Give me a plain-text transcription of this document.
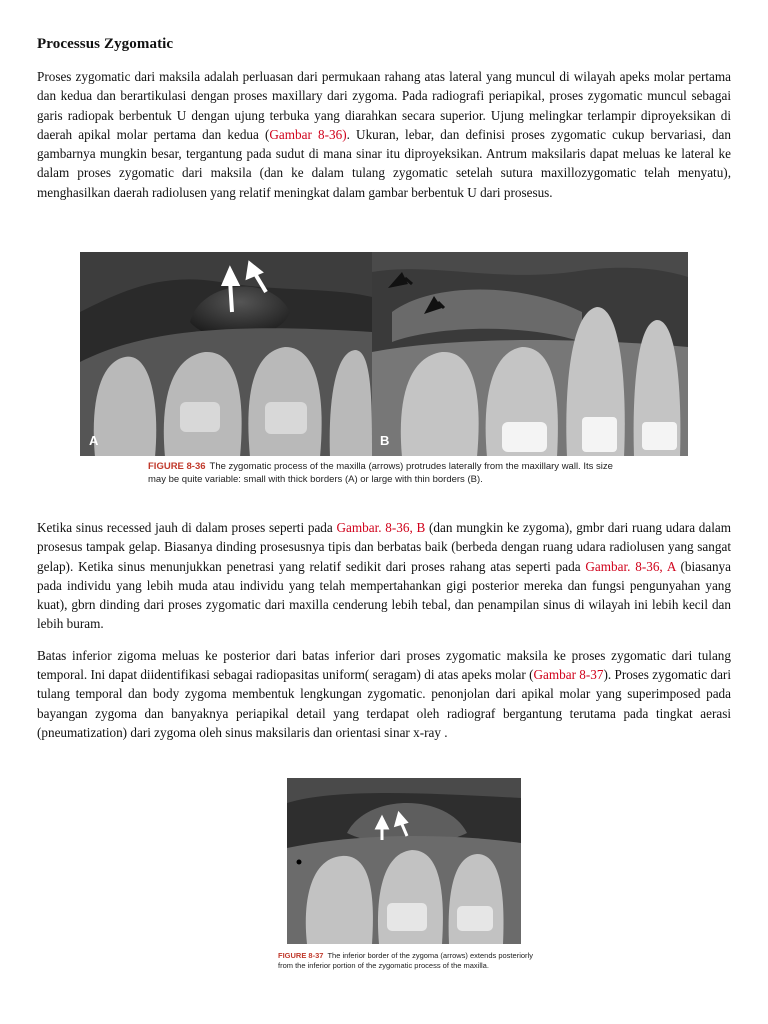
Processus Zygomatic

Proses zygomatic dari maksila adalah perluasan dari permukaan rahang atas lateral yang muncul di wilayah apeks molar pertama dan kedua dan berartikulasi dengan proses maxillary dari zygoma. Pada radiografi periapikal, proses zygomatic muncul sebagai garis radiopak berbentuk U dengan ujung terbuka yang diarahkan secara superior. Ujung melingkar terlampir diproyeksikan di daerah apikal molar pertama dan kedua (Gambar 8-36). Ukuran, lebar, dan definisi proses zygomatic cukup bervariasi, dan gambarnya mungkin besar, tergantung pada sudut di mana sinar itu diproyeksikan. Antrum maksilaris dapat meluas ke lateral ke dalam proses zygomatic dari maksila (dan ke dalam tulang zygomatic setelah sutura maxillozygomatic telah menyatu), menghasilkan daerah radiolusen yang relatif meningkat dalam gambar berbentuk U dari prosesus.

A	B
FIGURE 8-36 The zygomatic process of the maxilla (arrows) protrudes laterally from the maxillary wall. Its size may be quite variable: small with thick borders (A) or large with thin borders (B).

Ketika sinus recessed jauh di dalam proses seperti pada Gambar. 8-36, B (dan mungkin ke zygoma), gmbr dari ruang udara dalam prosesus tampak gelap. Biasanya dinding prosesusnya tipis dan berbatas baik (berbeda dengan ruang udara radiolusen yang sangat gelap). Ketika sinus menunjukkan penetrasi yang relatif sedikit dari proses rahang atas seperti pada Gambar. 8-36, A (biasanya pada individu yang lebih muda atau individu yang telah mempertahankan gigi posterior mereka dan fungsi pengunyahan yang kuat), gbrn dinding dari proses zygomatic dari maxilla cenderung lebih tebal, dan penampilan sinus di wilayah ini lebih kecil dan lebih buram.

Batas inferior zigoma meluas ke posterior dari batas inferior dari proses zygomatic maksila ke proses zygomatic dari tulang temporal. Ini dapat diidentifikasi sebagai radiopasitas uniform( seragam) di atas apeks molar (Gambar 8-37). Proses zygomatic dari tulang temporal dan body zygoma membentuk lengkungan zygomatic. penonjolan dari apikal molar yang superimposed pada bayangan zygoma dan banyaknya periapikal detail yang terdapat oleh radiograf bergantung terutama pada tingkat aerasi (pneumatization) dari zygoma oleh sinus maksilaris dan orientasi sinar x-ray .

FIGURE 8-37 The inferior border of the zygoma (arrows) extends posteriorly from the inferior portion of the zygomatic process of the maxilla.
